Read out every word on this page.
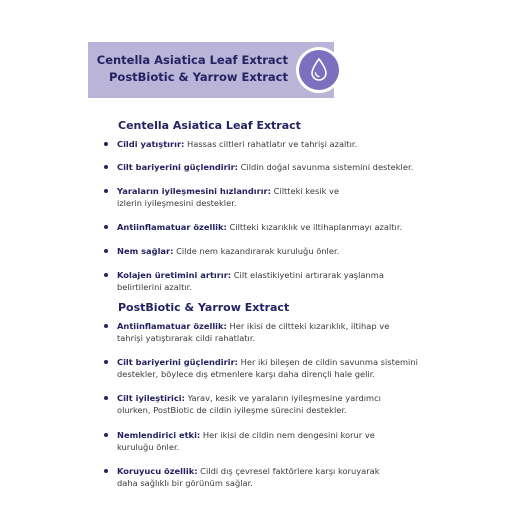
Centella Asiatica Leaf Extract
PostBiotic & Yarrow Extract
Centella Asiatica Leaf Extract
Cildi yatıştırır: Hassas ciltleri rahatlatır ve tahrişi azaltır.
Cilt bariyerini güçlendirir: Cildin doğal savunma sistemini destekler.
Yaraların iyileşmesini hızlandırır: Ciltteki kesik ve izlerin iyileşmesini destekler.
Antiinflamatuar özellik: Ciltteki kızarıklık ve iltihaplanmayı azaltır.
Nem sağlar: Cilde nem kazandırarak kuruluğu önler.
Kolajen üretimini artırır: Cilt elastikiyetini artırarak yaşlanma belirtilerini azaltır.
PostBiotic & Yarrow Extract
Antiinflamatuar özellik: Her ikisi de ciltteki kızarıklık, iltihap ve tahrişi yatıştırarak cildi rahatlatır.
Cilt bariyerini güçlendirir: Her iki bileşen de cildin savunma sistemini destekler, böylece dış etmenlere karşı daha dirençli hale gelir.
Cilt iyileştirici: Yarav, kesik ve yaraların iyileşmesine yardımcı olurken, PostBiotic de cildin iyileşme sürecini destekler.
Nemlendirici etki: Her ikisi de cildin nem dengesini korur ve kuruluğu önler.
Koruyucu özellik: Cildi dış çevresel faktörlere karşı koruyarak daha sağlıklı bir görünüm sağlar.
